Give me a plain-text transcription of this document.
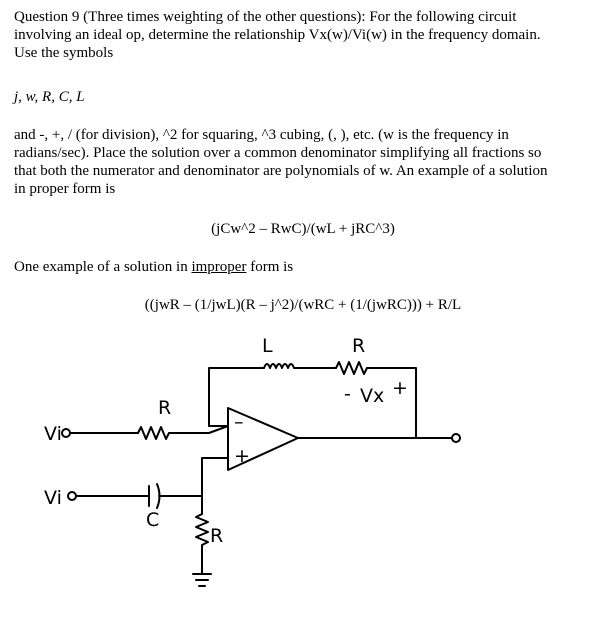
Question 9 (Three times weighting of the other questions): For the following circuit

involving an ideal op, determine the relationship Vx(w)/Vi(w) in the frequency domain.

Use the symbols

j, w, R, C, L

and -, +, / (for division), ^2 for squaring, ^3 cubing, (, ), etc. (w is the frequency in

radians/sec). Place the solution over a common denominator simplifying all fractions so

that both the numerator and denominator are polynomials of w. An example of a solution

in proper form is

(jCw^2 – RwC)/(wL + jRC^3)

One example of a solution in improper form is

((jwR – (1/jwL)(R – j^2)/(wRC + (1/(jwRC))) + R/L

L	R
- Vx +
R
Vi
Vi
C
R
–
+
